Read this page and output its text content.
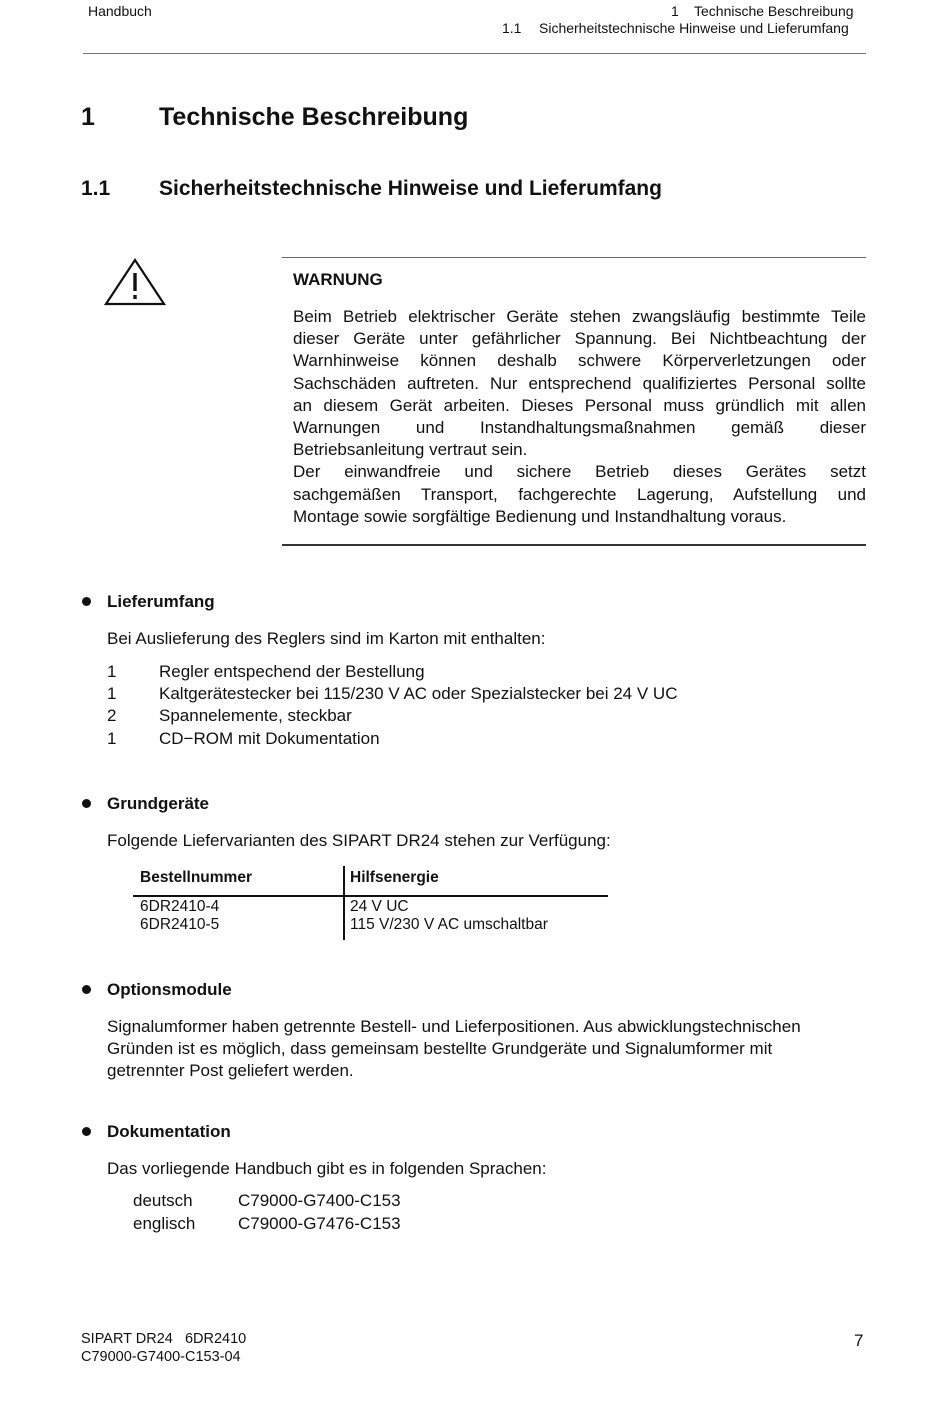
Handbuch	1 Technische Beschreibung
1.1 Sicherheitstechnische Hinweise und Lieferumfang
1	Technische Beschreibung
1.1 Sicherheitstechnische Hinweise und Lieferumfang
WARNUNG
Beim Betrieb elektrischer Geräte stehen zwangsläufig bestimmte Teile
dieser Geräte unter gefährlicher Spannung. Bei Nichtbeachtung der
Warnhinweise können deshalb schwere Körperverletzungen oder
Sachschäden auftreten. Nur entsprechend qualifiziertes Personal sollte
an diesem Gerät arbeiten. Dieses Personal muss gründlich mit allen
Warnungen und Instandhaltungsmaßnahmen gemäß dieser
Betriebsanleitung vertraut sein.
Der einwandfreie und sichere Betrieb dieses Gerätes setzt
sachgemäßen Transport, fachgerechte Lagerung, Aufstellung und
Montage sowie sorgfältige Bedienung und Instandhaltung voraus.
Lieferumfang
Bei Auslieferung des Reglers sind im Karton mit enthalten:
1	Regler entspechend der Bestellung
1	Kaltgerätestecker bei 115/230 V AC oder Spezialstecker bei 24 V UC
2	Spannelemente, steckbar
1	CD−ROM mit Dokumentation
Grundgeräte
Folgende Liefervarianten des SIPART DR24 stehen zur Verfügung:
Bestellnummer	Hilfsenergie
6DR2410-4	24 V UC
6DR2410-5	115 V/230 V AC umschaltbar
Optionsmodule
Signalumformer haben getrennte Bestell- und Lieferpositionen. Aus abwicklungstechnischen
Gründen ist es möglich, dass gemeinsam bestellte Grundgeräte und Signalumformer mit
getrennter Post geliefert werden.
Dokumentation
Das vorliegende Handbuch gibt es in folgenden Sprachen:
deutsch	C79000-G7400-C153
englisch	C79000-G7476-C153
SIPART DR24   6DR2410
C79000-G7400-C153-04
7
